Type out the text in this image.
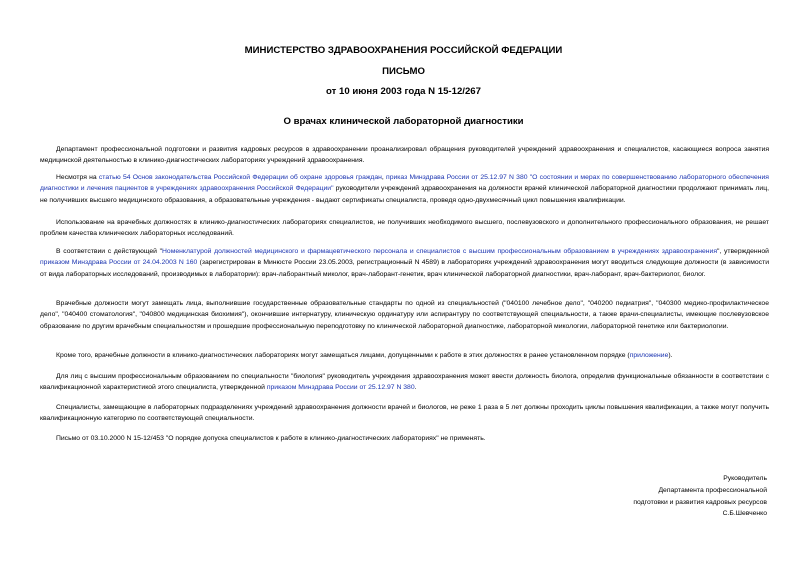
МИНИСТЕРСТВО ЗДРАВООХРАНЕНИЯ РОССИЙСКОЙ ФЕДЕРАЦИИ
ПИСЬМО
от 10 июня 2003 года N 15-12/267
О врачах клинической лабораторной диагностики

Департамент профессиональной подготовки и развития кадровых ресурсов в здравоохранении проанализировал обращения руководителей учреждений здравоохранения и специалистов, касающиеся вопроса занятия медицинской деятельностью в клинико-диагностических лабораториях учреждений здравоохранения.

Несмотря на статью 54 Основ законодательства Российской Федерации об охране здоровья граждан, приказ Минздрава России от 25.12.97 N 380 "О состоянии и мерах по совершенствованию лабораторного обеспечения диагностики и лечения пациентов в учреждениях здравоохранения Российской Федерации" руководители учреждений здравоохранения на должности врачей клинической лабораторной диагностики продолжают принимать лиц, не получивших высшего медицинского образования, а образовательные учреждения - выдают сертификаты специалиста, проведя одно-двухмесячный цикл повышения квалификации.

Использование на врачебных должностях в клинико-диагностических лабораториях специалистов, не получивших необходимого высшего, послевузовского и дополнительного профессионального образования, не решает проблем качества клинических лабораторных исследований.

В соответствии с действующей "Номенклатурой должностей медицинского и фармацевтического персонала и специалистов с высшим профессиональным образованием в учреждениях здравоохранения", утвержденной приказом Минздрава России от 24.04.2003 N 160 (зарегистрирован в Минюсте России 23.05.2003, регистрационный N 4589) в лабораториях учреждений здравоохранения могут вводиться следующие должности (в зависимости от вида лабораторных исследований, производимых в лаборатории): врач-лаборантный миколог, врач-лаборант-генетик, врач клинической лабораторной диагностики, врач-лаборант, врач-бактериолог, биолог.

Врачебные должности могут замещать лица, выполнившие государственные образовательные стандарты по одной из специальностей ("040100 лечебное дело", "040200 педиатрия", "040300 медико-профилактическое дело", "040400 стоматология", "040800 медицинская биохимия"), окончившие интернатуру, клиническую ординатуру или аспирантуру по соответствующей специальности, а также врачи-специалисты, имеющие послевузовское образование по другим врачебным специальностям и прошедшие профессиональную переподготовку по клинической лабораторной диагностике, лабораторной микологии, лабораторной генетике или бактериологии.

Кроме того, врачебные должности в клинико-диагностических лабораториях могут замещаться лицами, допущенными к работе в этих должностях в ранее установленном порядке (приложение).

Для лиц с высшим профессиональным образованием по специальности "биология" руководитель учреждения здравоохранения может ввести должность биолога, определив функциональные обязанности в соответствии с квалификационной характеристикой этого специалиста, утвержденной приказом Минздрава России от 25.12.97 N 380.

Специалисты, замещающие в лабораторных подразделениях учреждений здравоохранения должности врачей и биологов, не реже 1 раза в 5 лет должны проходить циклы повышения квалификации, а также могут получить квалификационную категорию по соответствующей специальности.

Письмо от 03.10.2000 N 15-12/453 "О порядке допуска специалистов к работе в клинико-диагностических лабораториях" не применять.

Руководитель
Департамента профессиональной
подготовки и развития кадровых ресурсов
С.Б.Шевченко
